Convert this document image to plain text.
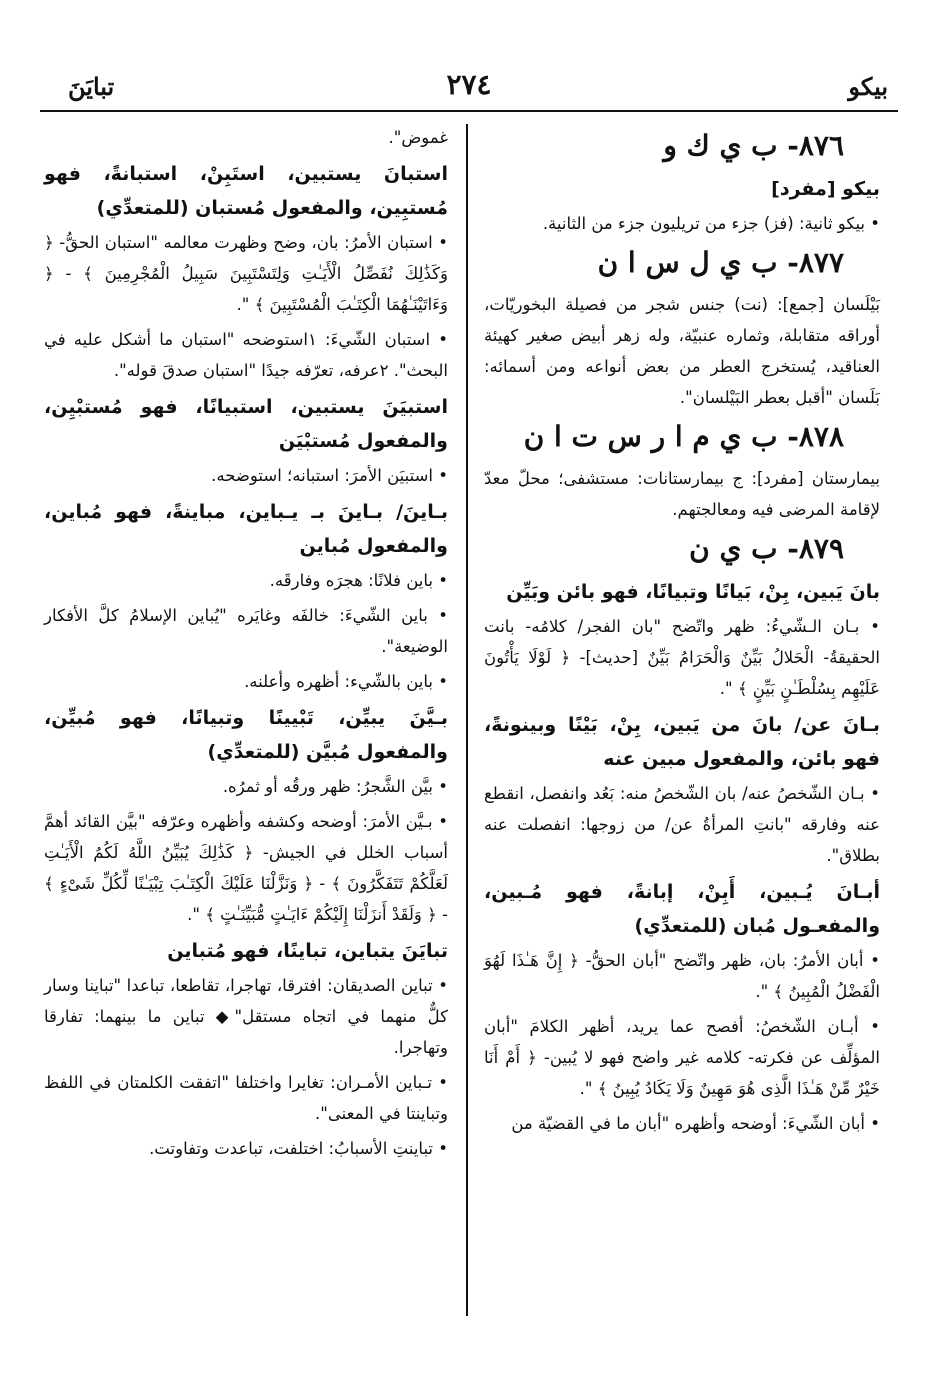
تبايَنَ	٢٧٤	بيكو
٨٧٦- ب ي ك و
بيكو [مفرد]
• بيكو ثانية: (فز) جزء من تريليون جزء من الثانية.
٨٧٧- ب ي ل س ا ن
بَيْلَسان [جمع]: (نت) جنس شجر من فصيلة البخوريّات، أوراقه متقابلة، وثماره عنبيّة، وله زهر أبيض صغير كهيئة العناقيد، يُستخرج العطر من بعض أنواعه ومن أسمائه: بَلَسان "أقبل بعطر البَيْلسان".
٨٧٨- ب ي م ا ر س ت ا ن
بيمارستان [مفرد]: ج بيمارستانات: مستشفى؛ محلّ معدّ لإقامة المرضى فيه ومعالجتهم.
٨٧٩- ب ي ن
بانَ يَبين، بِنْ، بَيانًا وتبيانًا، فهو بائن وبَيِّن
• بـان الـشّيءُ: ظهر واتّضح "بان الفجر/ كلامُه- بانت الحقيقةُ- الْحَلالُ بَيِّنٌ وَالْحَرَامُ بَيِّنٌ [حديث]- ﴿ لَوْلَا يَأْتُونَ عَلَيْهِم بِسُلْطَـٰنٍ بَيِّنٍ ﴾ ".
بـانَ عن/ بانَ من يَبين، بِنْ، بَيْنًا وبينونةً، فهو بائن، والمفعول مبين عنه
• بـان الشّخصُ عنه/ بان الشّخصُ منه: بَعُد وانفصل، انقطع عنه وفارقه "بانتِ المرأةُ عن/ من زوجها: انفصلت عنه بطلاق".
أبـانَ يُـبين، أَبِنْ، إبانةً، فهو مُـبين، والمفعـول مُبان (للمتعدِّي)
• أبان الأمرُ: بان، ظهر واتّضح "أبان الحقُّ- ﴿ إِنَّ هَـٰذَا لَهُوَ الْفَضْلُ الْمُبِينُ ﴾ ".
• أبـان الشّخصُ: أفصح عما يريد، أظهر الكلامَ "أبان المؤلِّف عن فكرته- كلامه غير واضح فهو لا يُبين- ﴿ أَمْ أَنَا خَيْرٌ مِّنْ هَـٰذَا الَّذِى هُوَ مَهِينٌ وَلَا يَكَادُ يُبِينُ ﴾ ".
• أبان الشّيءَ: أوضحه وأظهره "أبان ما في القضيّة من
غموض".
استبانَ يستبين، استَبِنْ، استبانةً، فهو مُستبِين، والمفعول مُستبان (للمتعدِّي)
• استبان الأمرُ: بان، وضح وظهرت معالمه "استبان الحقُّ- ﴿ وَكَذَٰلِكَ نُفَصِّلُ الْأَيَـٰتِ وَلِتَسْتَبِينَ سَبِيلُ الْمُجْرِمِينَ ﴾ - ﴿ وَءَاتَيْنَـٰهُمَا الْكِتَـٰبَ الْمُسْتَبِينَ ﴾ ".
• استبان الشّيءَ: ١استوضحه "استبان ما أشكل عليه في البحث". ٢عرفه، تعرّفه جيدًا "استبان صدقَ قوله".
استبيَنَ يستبين، استبيانًا، فهو مُستبْيِن، والمفعول مُستبْيَن
• استبيَن الأمرَ: استبانه؛ استوضحه.
بـاينَ/ بـاينَ بـ يـباين، مباينةً، فهو مُباين، والمفعول مُباين
• باين فلانًا: هجرَه وفارقَه.
• باين الشّيءَ: خالفَه وغايَره "يُباين الإسلامُ كلَّ الأفكار الوضيعة".
• باين بالشّيء: أظهره وأعلنه.
بـيَّنَ يبيِّن، تَبْيينًا وتبيانًا، فهو مُبيِّن، والمفعول مُبيَّن (للمتعدِّي)
• بيَّن الشَّجرُ: ظهر ورقُه أو ثمرُه.
• بـيَّن الأمرَ: أوضحه وكشفه وأظهره وعرّفه "بيَّن القائد أهمَّ أسباب الخلل في الجيش- ﴿ كَذَٰلِكَ يُبَيِّنُ اللَّهُ لَكُمُ الْأَيَـٰتِ لَعَلَّكُمْ تَتَفَكَّرُونَ ﴾ - ﴿ وَنَزَّلْنَا عَلَيْكَ الْكِتَـٰبَ تِبْيَـٰنًا لِّكُلِّ شَىْءٍ ﴾ - ﴿ وَلَقَدْ أَنزَلْنَا إِلَيْكُمْ ءَايَـٰتٍ مُّبَيِّنَـٰتٍ ﴾ ".
تبايَنَ يتباين، تباينًا، فهو مُتباين
• تباين الصديقان: افترقا، تهاجرا، تقاطعا، تباعدا "تباينا وسار كلٌّ منهما في اتجاه مستقل"◆ تباين ما بينهما: تفارقا وتهاجرا.
• تـباين الأمـران: تغايرا واختلفا "اتفقت الكلمتان في اللفظ وتباينتا في المعنى".
• تباينتِ الأسبابُ: اختلفت، تباعدت وتفاوتت.
